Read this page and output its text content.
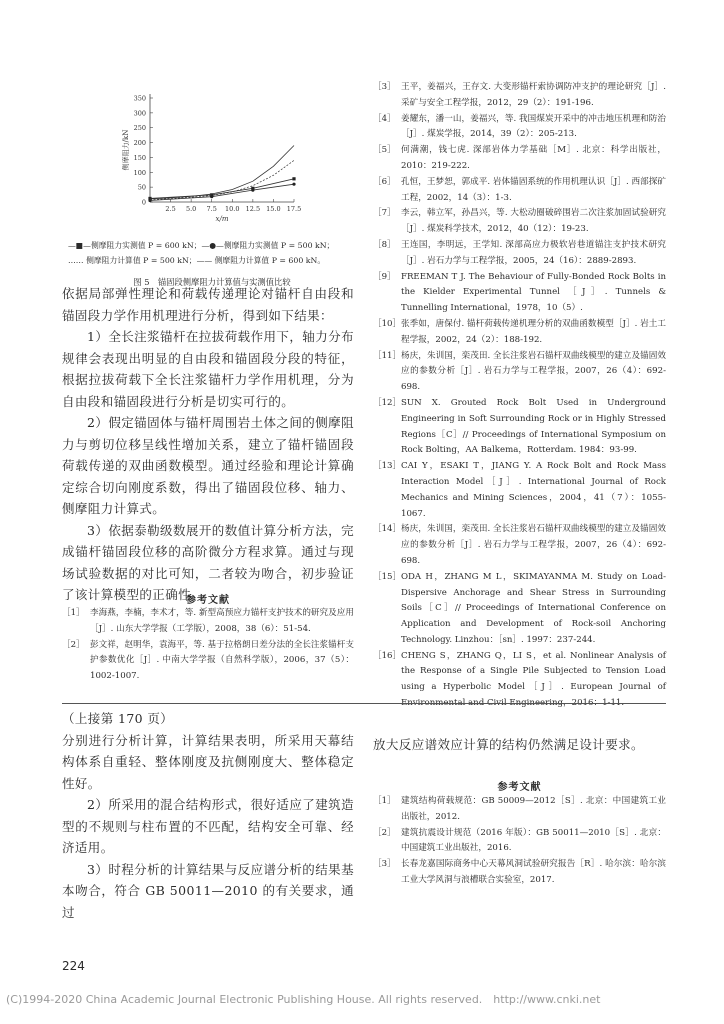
0
50
100
150
200
250
300
350
2.5 5.0 7.5 10.0 12.5 15.0 17.5
侧摩阻力/kN
x/m
—■—侧摩阻力实测值 P = 600 kN；—●—侧摩阻力实测值 P = 500 kN；
…… 侧摩阻力计算值 P = 500 kN；—— 侧摩阻力计算值 P = 600 kN。
图 5　锚固段侧摩阻力计算值与实测值比较
依据局部弹性理论和荷载传递理论对锚杆自由段和锚固段力学作用机理进行分析，得到如下结果：
1）全长注浆锚杆在拉拔荷载作用下，轴力分布规律会表现出明显的自由段和锚固段分段的特征，根据拉拔荷载下全长注浆锚杆力学作用机理，分为自由段和锚固段进行分析是切实可行的。
2）假定锚固体与锚杆周围岩土体之间的侧摩阻力与剪切位移呈线性增加关系，建立了锚杆锚固段荷载传递的双曲函数模型。通过经验和理论计算确定综合切向刚度系数，得出了锚固段位移、轴力、侧摩阻力计算式。
3）依据泰勒级数展开的数值计算分析方法，完成锚杆锚固段位移的高阶微分方程求算。通过与现场试验数据的对比可知，二者较为吻合，初步验证了该计算模型的正确性。
参考文献
［1］ 李海燕，李楠，李术才，等. 新型高预应力锚杆支护技术的研究及应用［J］. 山东大学学报（工学版），2008，38（6）：51-54.
［2］ 彭文祥，赵明华，袁海平，等. 基于拉格朗日差分法的全长注浆锚杆支护参数优化［J］. 中南大学学报（自然科学版），2006，37（5）：1002-1007.
［3］ 王平，姜福兴，王存文. 大变形锚杆索协调防冲支护的理论研究［J］. 采矿与安全工程学报，2012，29（2）：191-196.
［4］ 姜耀东，潘一山，姜福兴，等. 我国煤炭开采中的冲击地压机理和防治［J］. 煤炭学报，2014，39（2）：205-213.
［5］ 何满潮，钱七虎. 深部岩体力学基础［M］. 北京：科学出版社，2010：219-222.
［6］ 孔恒，王梦恕，郭成平. 岩体锚固系统的作用机理认识［J］. 西部探矿工程，2002，14（3）：1-3.
［7］ 李云，韩立军，孙昌兴，等. 大松动圈破碎围岩二次注浆加固试验研究［J］. 煤炭科学技术，2012，40（12）：19-23.
［8］ 王连国，李明远，王学知. 深部高应力极软岩巷道锚注支护技术研究［J］. 岩石力学与工程学报，2005，24（16）：2889-2893.
［9］ FREEMAN T J. The Behaviour of Fully-Bonded Rock Bolts in the Kielder Experimental Tunnel ［J］. Tunnels & Tunnelling International，1978，10（5）.
［10］ 张季如，唐保付. 锚杆荷载传递机理分析的双曲函数模型［J］. 岩土工程学报，2002，24（2）：188-192.
［11］ 杨庆，朱训国，栾茂田. 全长注浆岩石锚杆双曲线模型的建立及锚固效应的参数分析［J］. 岩石力学与工程学报，2007，26（4）：692-698.
［12］ SUN X. Grouted Rock Bolt Used in Underground Engineering in Soft Surrounding Rock or in Highly Stressed Regions［C］// Proceedings of International Symposium on Rock Bolting，AA Balkema，Rotterdam. 1984：93-99.
［13］ CAI Y，ESAKI T，JIANG Y. A Rock Bolt and Rock Mass Interaction Model［J］. International Journal of Rock Mechanics and Mining Sciences，2004，41（7）：1055-1067.
［14］ 杨庆，朱训国，栾茂田. 全长注浆岩石锚杆双曲线模型的建立及锚固效应的参数分析［J］. 岩石力学与工程学报，2007，26（4）：692-698.
［15］ ODA H，ZHANG M L，SKIMAYANMA M. Study on Load-Dispersive Anchorage and Shear Stress in Surrounding Soils［C］// Proceedings of International Conference on Application and Development of Rock-soil Anchoring Technology. Linzhou：［sn］. 1997：237-244.
［16］ CHENG S，ZHANG Q，LI S，et al. Nonlinear Analysis of the Response of a Single Pile Subjected to Tension Load using a Hyperbolic Model［J］. European Journal of Environmental and Civil Engineering，2016：1-11.
（上接第 170 页）
分别进行分析计算，计算结果表明，所采用天幕结构体系自重轻、整体刚度及抗侧刚度大、整体稳定性好。
2）所采用的混合结构形式，很好适应了建筑造型的不规则与柱布置的不匹配，结构安全可靠、经济适用。
3）时程分析的计算结果与反应谱分析的结果基本吻合，符合 GB 50011—2010 的有关要求，通过
放大反应谱效应计算的结构仍然满足设计要求。
参考文献
［1］ 建筑结构荷载规范：GB 50009—2012［S］. 北京：中国建筑工业出版社，2012.
［2］ 建筑抗震设计规范（2016 年版）：GB 50011—2010［S］. 北京：中国建筑工业出版社，2016.
［3］ 长春龙嘉国际商务中心天幕风洞试验研究报告［R］. 哈尔滨：哈尔滨工业大学风洞与浪槽联合实验室，2017.
224
(C)1994-2020 China Academic Journal Electronic Publishing House. All rights reserved.　http://www.cnki.net
